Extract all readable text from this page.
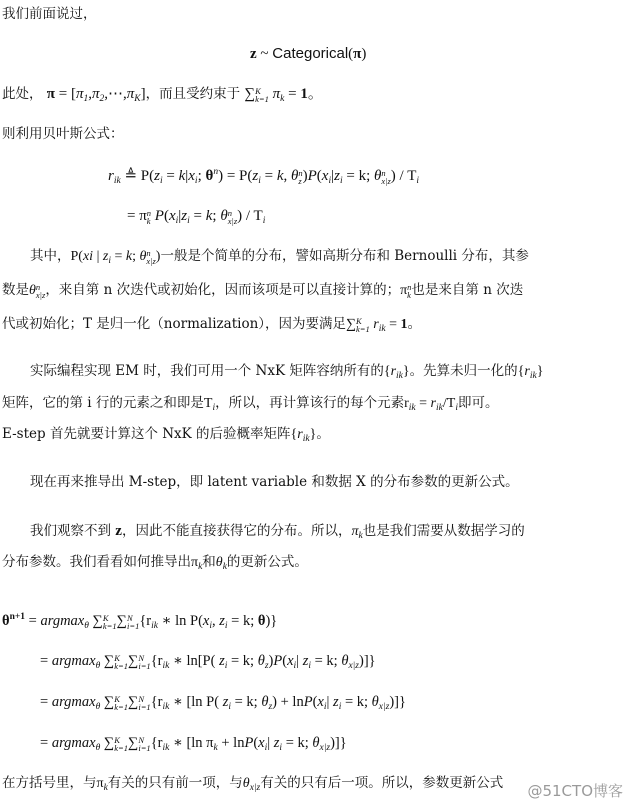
我们前面说过，
z ~ Categorical(π)
此处， $\pi = [\pi_1,\pi_2,\cdots,\pi_K]$，而且受约束于 ∑ K
k=1 $\pi_k = 1$。
则利用贝叶斯公式：
$r_{ik}$ ≜ $P(z_i = k|x_i$; $\theta^n) = P(z_i = k$, θ n
z )$P(x_i|z_i = k$; θ n
x|z ) / $T_i$
= π n
k $P(x_i|z_i = k$; θ n
x|z ) / $T_i$
其中，P(xi | $z_i = k$; θ n
x|z )一般是个简单的分布，譬如高斯分布和 Bernoulli 分布，其参
数是θ n
x|z ，来自第 n 次迭代或初始化，因而该项是可以直接计算的；π n
k 也是来自第 n 次迭
代或初始化；T 是归一化（normalization），因为要满足∑ K
k=1 $r_{ik} = 1$。
实际编程实现 EM 时，我们可用一个 NxK 矩阵容纳所有的$\{r_{ik}\}$。先算未归一化的$\{r_{ik}\}$
矩阵，它的第 i 行的元素之和即是$T_i$，所以，再计算该行的每个元素$r_{ik} = r_{ik}/T_i$即可。
E-step 首先就要计算这个 NxK 的后验概率矩阵$\{r_{ik}\}$。
现在再来推导出 M-step，即 latent variable 和数据 X 的分布参数的更新公式。
我们观察不到 z，因此不能直接获得它的分布。所以，$\pi_k$也是我们需要从数据学习的
分布参数。我们看看如何推导出$\pi_k$和$\theta_k$的更新公式。
$\theta^{n+1} = argmax_\theta$ ∑ K
k=1 ∑ N
i=1 {$r_{ik}$ ∗ $\ln P(x_i$, $z_i = k$; θ)}
= argmax$_\theta$ ∑ K
k=1 ∑ N
i=1 {$r_{ik}$ ∗ ln[P( $z_i = k$; $\theta_z)P(x_i|$ $z_i = k$; $\theta_{x|z}$)]}
= argmax$_\theta$ ∑ K
k=1 ∑ N
i=1 {$r_{ik}$ ∗ [ln P( $z_i = k$; $\theta_z) + \ln P(x_i|$ $z_i = k$; $\theta_{x|z}$)]}
= argmax$_\theta$ ∑ K
k=1 ∑ N
i=1 {$r_{ik}$ ∗ [ln $\pi_k + \ln P(x_i|$ $z_i = k$; $\theta_{x|z}$)]}
在方括号里，与$\pi_k$有关的只有前一项，与$\theta_{x|z}$有关的只有后一项。所以，参数更新公式 @51CTO博客
